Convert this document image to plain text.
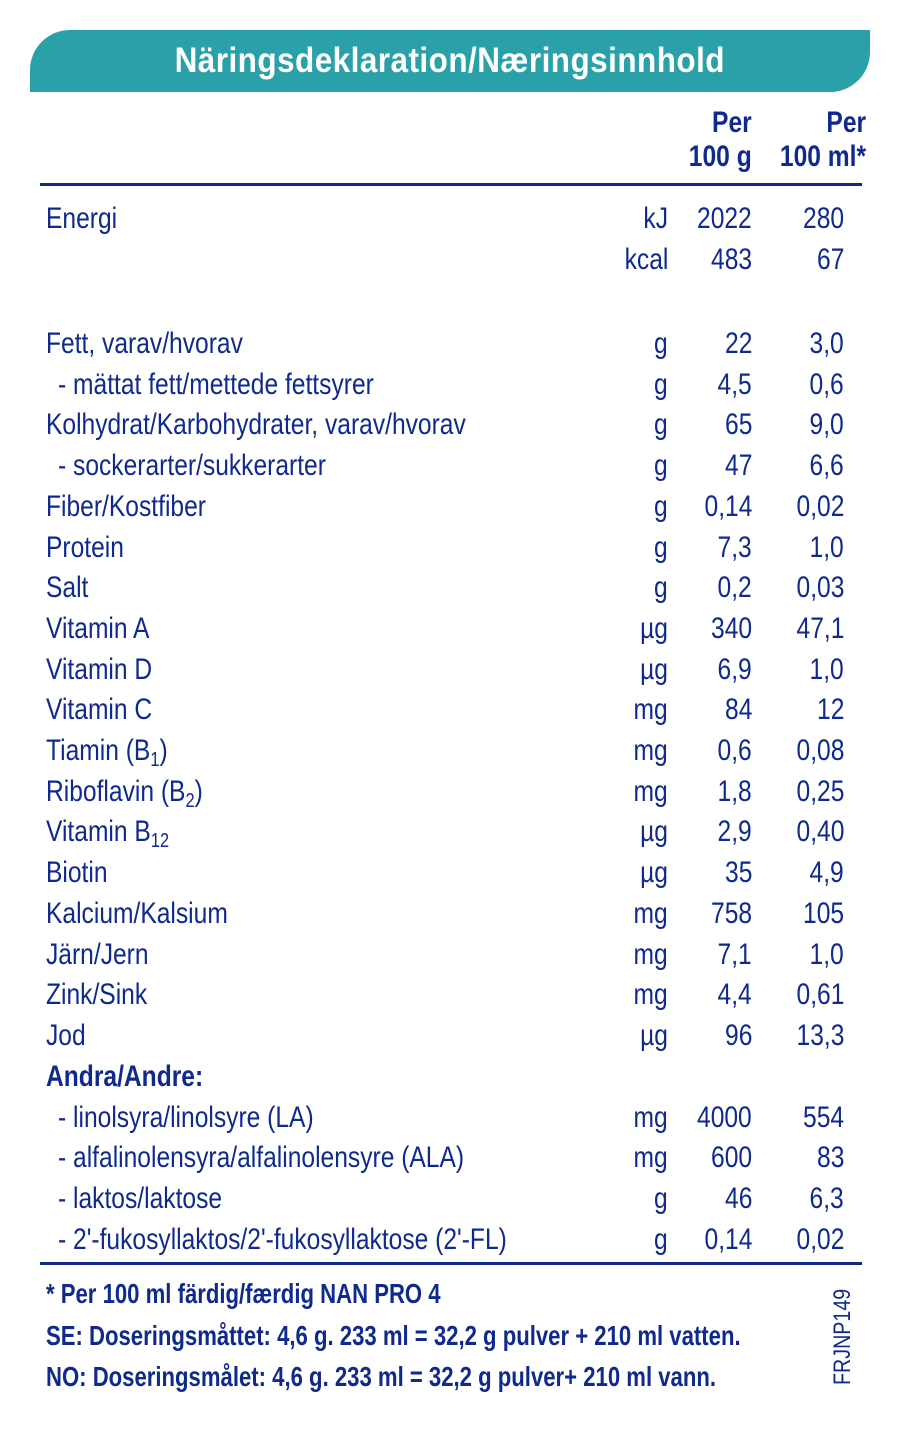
Näringsdeklaration/Næringsinnhold
Per
100 g
Per
100 ml*
Energi	kJ 2022 280
kcal 483 67
Fett, varav/hvorav	g 22 3,0
- mättat fett/mettede fettsyrer	g 4,5 0,6
Kolhydrat/Karbohydrater, varav/hvorav	g 65 9,0
- sockerarter/sukkerarter	g 47 6,6
Fiber/Kostfiber	g 0,14 0,02
Protein	g 7,3 1,0
Salt	g 0,2 0,03
Vitamin A	µg 340 47,1
Vitamin D	µg 6,9 1,0
Vitamin C	mg 84 12
Tiamin $(B_1)$	mg 0,6 0,08
Riboflavin $(B_2)$	mg 1,8 0,25
Vitamin $B_{12}$	µg 2,9 0,40
Biotin	µg 35 4,9
Kalcium/Kalsium	mg 758 105
Järn/Jern	mg 7,1 1,0
Zink/Sink	mg 4,4 0,61
Jod	µg 96 13,3
Andra/Andre:
- linolsyra/linolsyre (LA)	mg 4000 554
- alfalinolensyra/alfalinolensyre (ALA)	mg 600 83
- laktos/laktose	g 46 6,3
- 2'-fukosyllaktos/2'-fukosyllaktose (2'-FL)	g 0,14 0,02
* Per 100 ml färdig/færdig NAN PRO 4
SE: Doseringsmåttet: 4,6 g. 233 ml = 32,2 g pulver + 210 ml vatten.
NO: Doseringsmålet: 4,6 g. 233 ml = 32,2 g pulver+ 210 ml vann.	FRJNP149
